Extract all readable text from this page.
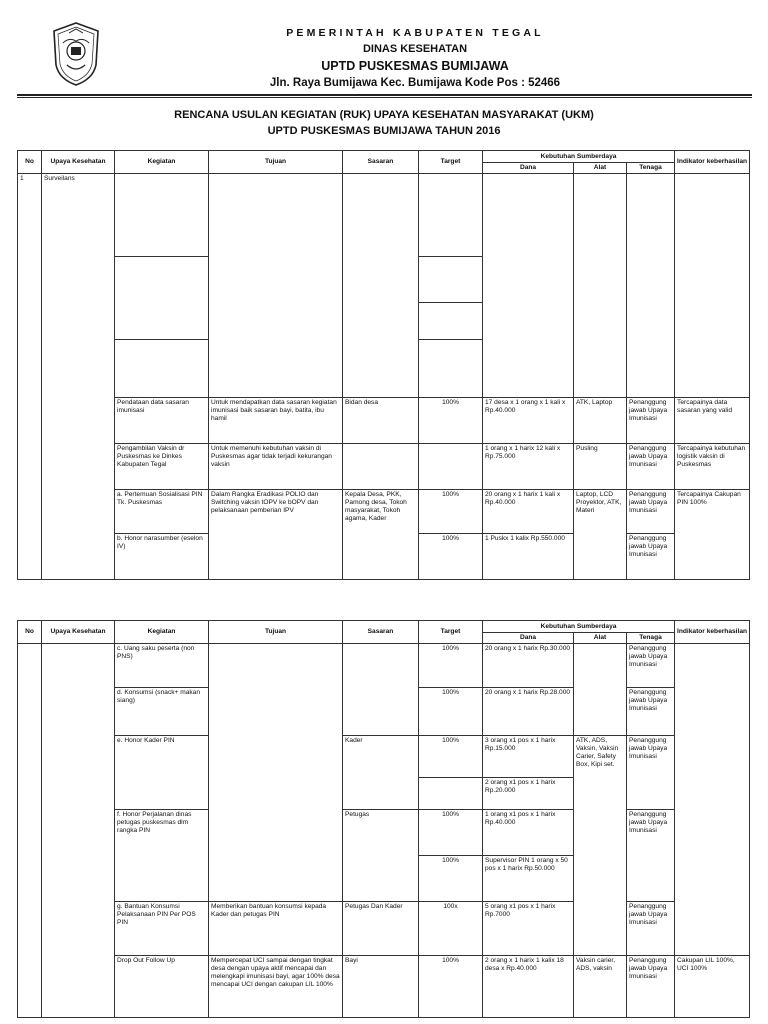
PEMERINTAH KABUPATEN TEGAL

DINAS KESEHATAN

UPTD PUSKESMAS BUMIJAWA

Jln. Raya Bumijawa Kec. Bumijawa Kode Pos : 52466

RENCANA USULAN KEGIATAN (RUK) UPAYA KESEHATAN MASYARAKAT (UKM)

UPTD PUSKESMAS BUMIJAWA TAHUN 2016

No	Upaya Kesehatan	Kegiatan	Tujuan	Sasaran	Target	Kebutuhan Sumberdaya			Indikator keberhasilan
						Dana	Alat	Tenaga	
1	Surveilans								

		Pendataan data sasaran imunisasi	Untuk mendapatkan data sasaran kegiatan imunisasi baik sasaran bayi, batita, ibu hamil	Bidan desa	100%	17 desa x 1 orang x 1 kali x Rp.40.000	ATK, Laptop	Penanggung jawab Upaya Imunisasi	Tercapainya data sasaran yang valid
		Pengambilan Vaksin dr Puskesmas ke Dinkes Kabupaten Tegal	Untuk memenuhi kebutuhan vaksin di Puskesmas agar tidak terjadi kekurangan vaksin			1 orang x 1 harix 12 kali x Rp.75.000	Pusling	Penanggung jawab Upaya Imunisasi	Tercapainya kebutuhan logistik vaksin di Puskesmas
		a. Pertemuan Sosialisasi PIN Tk. Puskesmas	Dalam Rangka Eradikasi POLIO dan Switching vaksin tOPV ke bOPV dan pelaksanaan pemberian IPV	Kepala Desa, PKK, Pamong desa, Tokoh masyarakat, Tokoh agama, Kader	100%	20 orang x 1 harix 1 kali x Rp.40.000	Laptop, LCD Proyektor, ATK, Materi	Penanggung jawab Upaya Imunisasi	Tercapainya Cakupan PIN 100%
		b. Honor narasumber (eselon IV)			100%	1 Puskx 1 kalix Rp.550.000		Penanggung jawab Upaya Imunisasi	
No	Upaya Kesehatan	Kegiatan	Tujuan	Sasaran	Target	Kebutuhan Sumberdaya			Indikator keberhasilan
						Dana	Alat	Tenaga	
		c. Uang saku peserta (non PNS)			100%	20 orang x 1 harix Rp.30.000		Penanggung jawab Upaya Imunisasi	
		d. Konsumsi (snack+ makan siang)			100%	20 orang x 1 harix Rp.28.000		Penanggung jawab Upaya Imunisasi	
		e. Honor Kader PIN		Kader	100%	3 orang x1 pos x 1 harix Rp.15.000	ATK, ADS, Vaksin, Vaksin Carier, Safety Box, Kipi set.	Penanggung jawab Upaya Imunisasi	
						2 orang x1 pos x 1 harix Rp.20.000			
		f. Honor Perjalanan dinas petugas puskesmas dlm rangka PIN		Petugas	100%	1 orang x1 pos x 1 harix Rp.40.000		Penanggung jawab Upaya Imunisasi	
					100%	Supervisor PIN 1 orang x 50 pos x 1 harix Rp.50.000			
		g. Bantuan Konsumsi Pelaksanaan PIN Per POS PIN	Memberikan bantuan konsumsi kepada Kader dan petugas PIN	Petugas Dan Kader	100x	5 orang x1 pos x 1 harix Rp.7000		Penanggung jawab Upaya Imunisasi	
		Drop Out Follow Up	Mempercepat UCI sampai dengan tingkat desa dengan upaya aktif mencapai dan melengkapi imunisasi bayi, agar 100% desa mencapai UCI dengan cakupan LIL 100%	Bayi	100%	2 orang x 1 harix 1 kalix 18 desa x Rp.40.000	Vaksin carier, ADS, vaksin	Penanggung jawab Upaya Imunisasi	Cakupan LIL 100%, UCI 100%
